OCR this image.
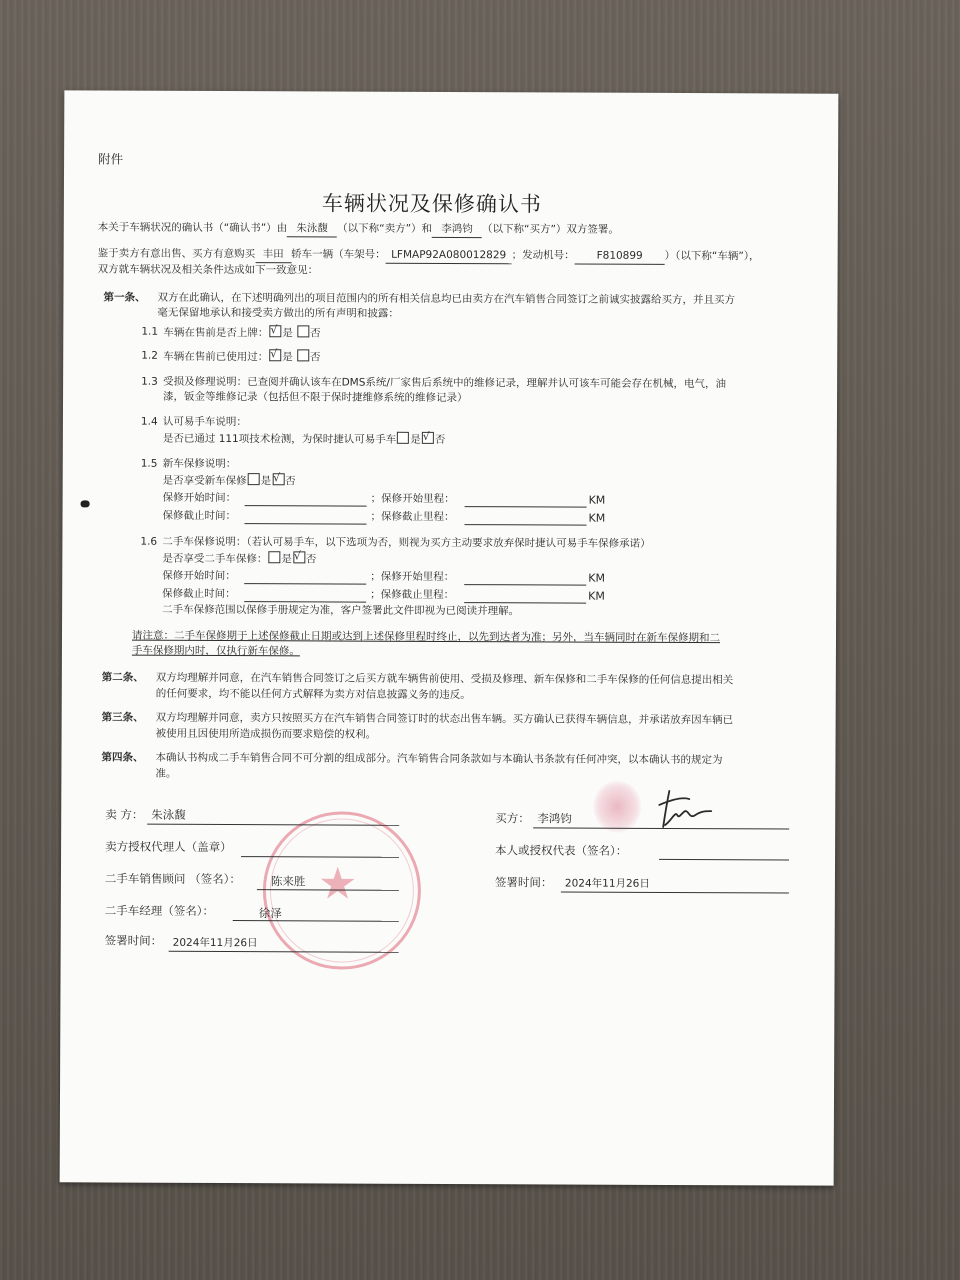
附件
车辆状况及保修确认书
本关于车辆状况的确认书（“确认书”）由 朱泳馥 （以下称“卖方”）和 李鸿钧 （以下称“买方”）双方签署。
鉴于卖方有意出售、买方有意购买 丰田 轿车一辆（车架号： LFMAP92A080012829 ；发动机号： F810899 ）（以下称“车辆”），
双方就车辆状况及相关条件达成如下一致意见：
第一条、 双方在此确认，在下述明确列出的项目范围内的所有相关信息均已由卖方在汽车销售合同签订之前诚实披露给买方，并且买方
毫无保留地承认和接受卖方做出的所有声明和披露：
1.1 车辆在售前是否上牌： √ 是 否
1.2 车辆在售前已使用过： √ 是 否
1.3 受损及修理说明：已查阅并确认该车在DMS系统/厂家售后系统中的维修记录，理解并认可该车可能会存在机械，电气，油
漆，钣金等维修记录（包括但不限于保时捷维修系统的维修记录）
1.4 认可易手车说明：
是否已通过 111项技术检测，为保时捷认可易手车 是 √ 否
1.5 新车保修说明：
是否享受新车保修 是 √ 否
保修开始时间：	；保修开始里程：	KM
保修截止时间：	；保修截止里程：	KM
1.6 二手车保修说明：（若认可易手车，以下选项为否，则视为买方主动要求放弃保时捷认可易手车保修承诺）
是否享受二手车保修： 是 √ 否
保修开始时间：	；保修开始里程：	KM
保修截止时间：	；保修截止里程：	KM
二手车保修范围以保修手册规定为准，客户签署此文件即视为已阅读并理解。
请注意：二手车保修期于上述保修截止日期或达到上述保修里程时终止，以先到达者为准；另外，当车辆同时在新车保修期和二
手车保修期内时，仅执行新车保修。
第二条、 双方均理解并同意，在汽车销售合同签订之后买方就车辆售前使用、受损及修理、新车保修和二手车保修的任何信息提出相关
的任何要求，均不能以任何方式解释为卖方对信息披露义务的违反。
第三条、 双方均理解并同意，卖方只按照买方在汽车销售合同签订时的状态出售车辆。买方确认已获得车辆信息，并承诺放弃因车辆已
被使用且因使用所造成损伤而要求赔偿的权利。
第四条、 本确认书构成二手车销售合同不可分割的组成部分。汽车销售合同条款如与本确认书条款有任何冲突，以本确认书的规定为
准。
★
卖 方： 朱泳馥
卖方授权代理人（盖章）
二手车销售顾问 （签名）：	陈来胜
二手车经理（签名）：	徐泽
签署时间： 2024年11月26日
买方： 李鸿钧
本人或授权代表（签名）：
签署时间： 2024年11月26日
